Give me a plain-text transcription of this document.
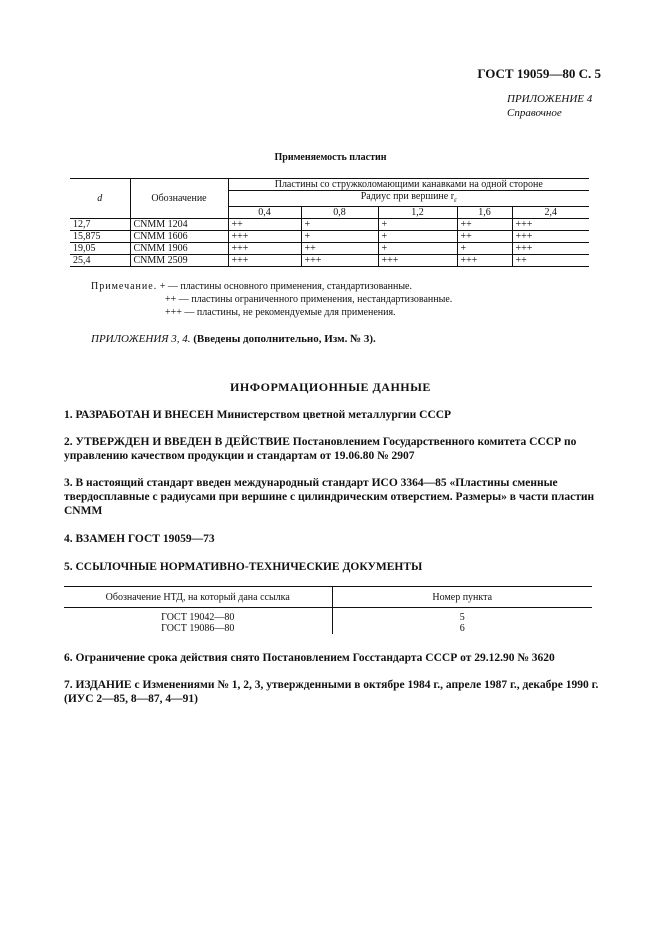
ГОСТ 19059—80 С. 5
ПРИЛОЖЕНИЕ 4
Справочное
Применяемость пластин
d	Обозначение	Пластины со стружколомающими канавками на одной стороне				
		Радиус при вершине $r_\varepsilon$
		0,4	0,8	1,2	1,6	2,4
12,7	CNMM 1204	++	+	+	++	+++
15,875	CNMM 1606	+++	+	+	++	+++
19,05	CNMM 1906	+++	++	+	+	+++
25,4	CNMM 2509	+++	+++	+++	+++	++
Примечание. + — пластины основного применения, стандартизованные.
++ — пластины ограниченного применения, нестандартизованные.
+++ — пластины, не рекомендуемые для применения.
ПРИЛОЖЕНИЯ 3, 4. (Введены дополнительно, Изм. № 3).
ИНФОРМАЦИОННЫЕ ДАННЫЕ
1. РАЗРАБОТАН И ВНЕСЕН Министерством цветной металлургии СССР
2. УТВЕРЖДЕН И ВВЕДЕН В ДЕЙСТВИЕ Постановлением Государственного комитета СССР по управлению качеством продукции и стандартам от 19.06.80 № 2907
3. В настоящий стандарт введен международный стандарт ИСО 3364—85 «Пластины сменные твердосплавные с радиусами при вершине с цилиндрическим отверстием. Размеры» в части пластин CNMM
4. ВЗАМЕН ГОСТ 19059—73
5. ССЫЛОЧНЫЕ НОРМАТИВНО-ТЕХНИЧЕСКИЕ ДОКУМЕНТЫ
Обозначение НТД, на который дана ссылка	Номер пункта
ГОСТ 19042—80	5
ГОСТ 19086—80	6
6. Ограничение срока действия снято Постановлением Госстандарта СССР от 29.12.90 № 3620
7. ИЗДАНИЕ с Изменениями № 1, 2, 3, утвержденными в октябре 1984 г., апреле 1987 г., декабре 1990 г. (ИУС 2—85, 8—87, 4—91)
